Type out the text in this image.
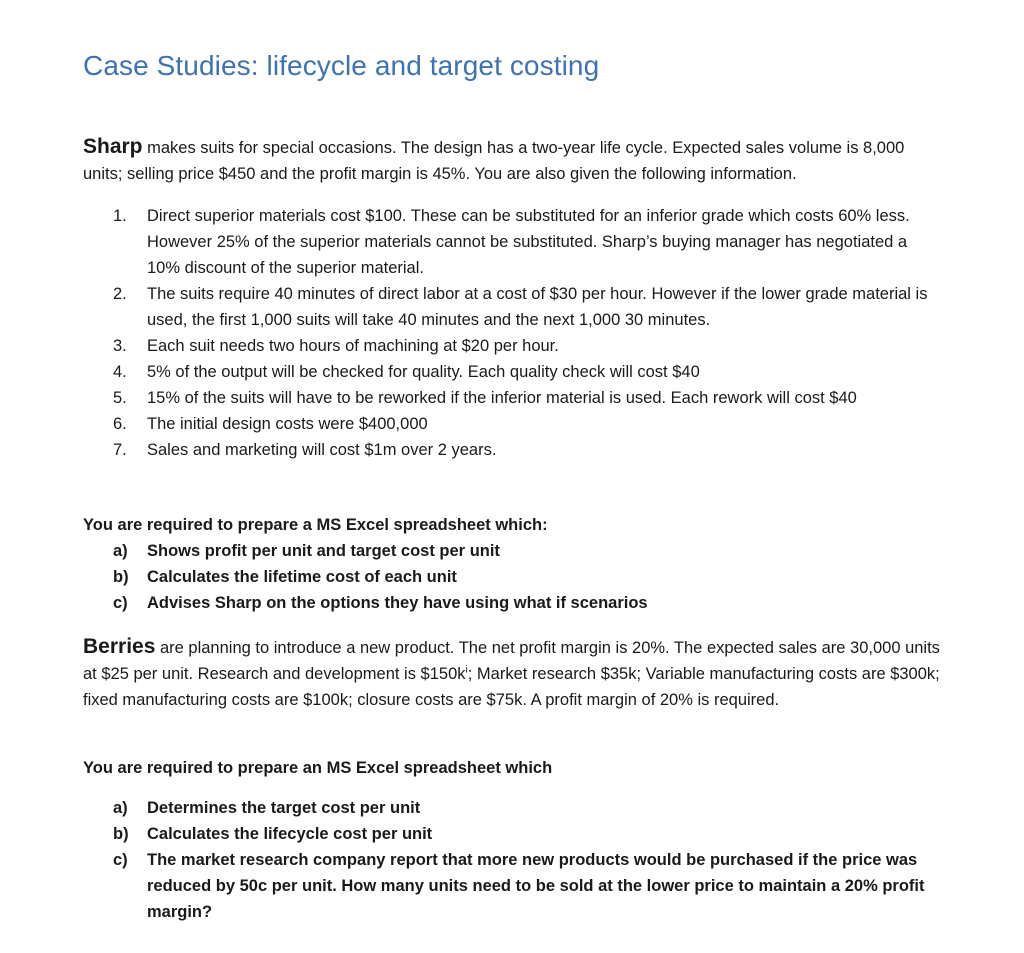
Case Studies: lifecycle and target costing
Sharp makes suits for special occasions. The design has a two-year life cycle. Expected sales volume is 8,000 units; selling price $450 and the profit margin is 45%. You are also given the following information.
1.	Direct superior materials cost $100. These can be substituted for an inferior grade which costs 60% less. However 25% of the superior materials cannot be substituted. Sharp’s buying manager has negotiated a 10% discount of the superior material.
2.	The suits require 40 minutes of direct labor at a cost of $30 per hour. However if the lower grade material is used, the first 1,000 suits will take 40 minutes and the next 1,000 30 minutes.
3.	Each suit needs two hours of machining at $20 per hour.
4.	5% of the output will be checked for quality. Each quality check will cost $40
5.	15% of the suits will have to be reworked if the inferior material is used. Each rework will cost $40
6.	The initial design costs were $400,000
7.	Sales and marketing will cost $1m over 2 years.
You are required to prepare a MS Excel spreadsheet which:
a)	Shows profit per unit and target cost per unit
b)	Calculates the lifetime cost of each unit
c)	Advises Sharp on the options they have using what if scenarios
Berries are planning to introduce a new product. The net profit margin is 20%. The expected sales are 30,000 units at $25 per unit. Research and development is $\$150k^i$; Market research $35k; Variable manufacturing costs are $300k; fixed manufacturing costs are $100k; closure costs are $75k. A profit margin of 20% is required.
You are required to prepare an MS Excel spreadsheet which
a)	Determines the target cost per unit
b)	Calculates the lifecycle cost per unit
c)	The market research company report that more new products would be purchased if the price was reduced by 50c per unit. How many units need to be sold at the lower price to maintain a 20% profit margin?
